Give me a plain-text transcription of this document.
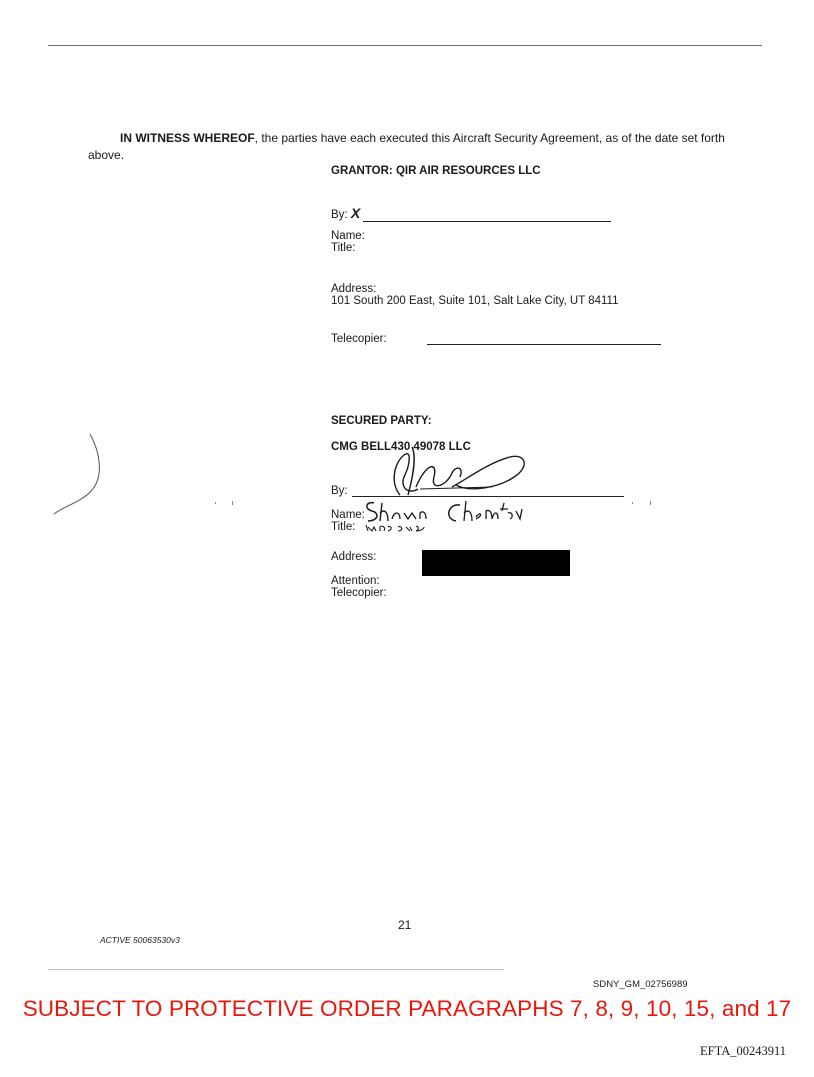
IN WITNESS WHEREOF, the parties have each executed this Aircraft Security Agreement, as of the date set forth above.
GRANTOR: QIR AIR RESOURCES LLC
By: X
Name:
Title:
Address:
101 South 200 East, Suite 101, Salt Lake City, UT 84111
Telecopier:
SECURED PARTY:
CMG BELL430 49078 LLC
By:
Name:
Title:
Address:
Attention:
Telecopier:
21
ACTIVE 50063530v3
SDNY_GM_02756989
SUBJECT TO PROTECTIVE ORDER PARAGRAPHS 7, 8, 9, 10, 15, and 17
EFTA_00243911
